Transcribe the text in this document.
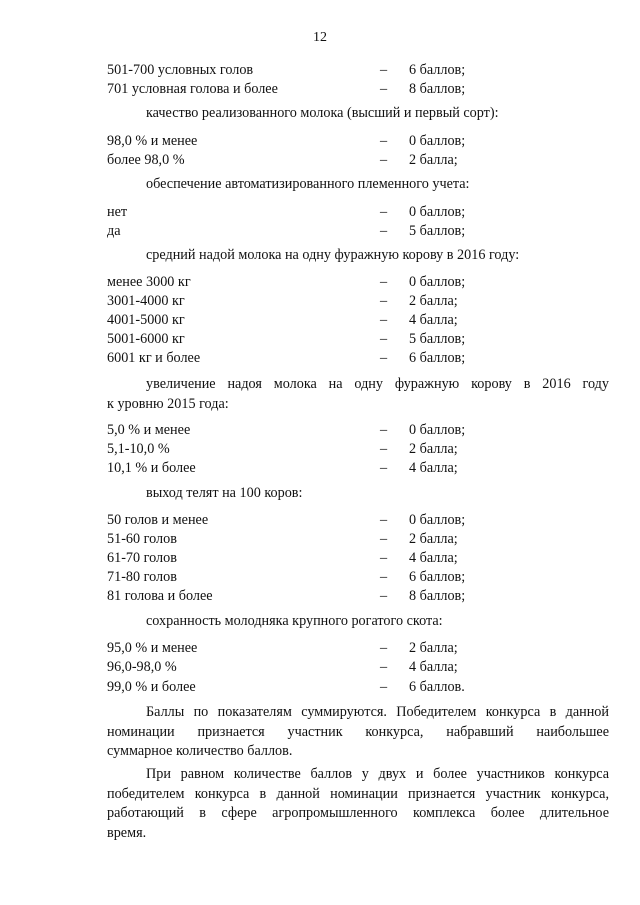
12
501-700 условных голов	– 6 баллов;
701 условная голова и более	– 8 баллов;
качество реализованного молока (высший и первый сорт):
98,0 % и менее	– 0 баллов;
более 98,0 %	– 2 балла;
обеспечение автоматизированного племенного учета:
нет	– 0 баллов;
да	– 5 баллов;
средний надой молока на одну фуражную корову в 2016 году:
менее 3000 кг	– 0 баллов;
3001-4000 кг	– 2 балла;
4001-5000 кг	– 4 балла;
5001-6000 кг	– 5 баллов;
6001 кг и более	– 6 баллов;
увеличение надоя молока на одну фуражную корову в 2016 году
к уровню 2015 года:
5,0 % и менее	– 0 баллов;
5,1-10,0 %	– 2 балла;
10,1 % и более	– 4 балла;
выход телят на 100 коров:
50 голов и менее	– 0 баллов;
51-60 голов	– 2 балла;
61-70 голов	– 4 балла;
71-80 голов	– 6 баллов;
81 голова и более	– 8 баллов;
сохранность молодняка крупного рогатого скота:
95,0 % и менее	– 2 балла;
96,0-98,0 %	– 4 балла;
99,0 % и более	– 6 баллов.
Баллы по показателям суммируются. Победителем конкурса в данной
номинации признается участник конкурса, набравший наибольшее
суммарное количество баллов.
При равном количестве баллов у двух и более участников конкурса
победителем конкурса в данной номинации признается участник конкурса,
работающий в сфере агропромышленного комплекса более длительное
время.
